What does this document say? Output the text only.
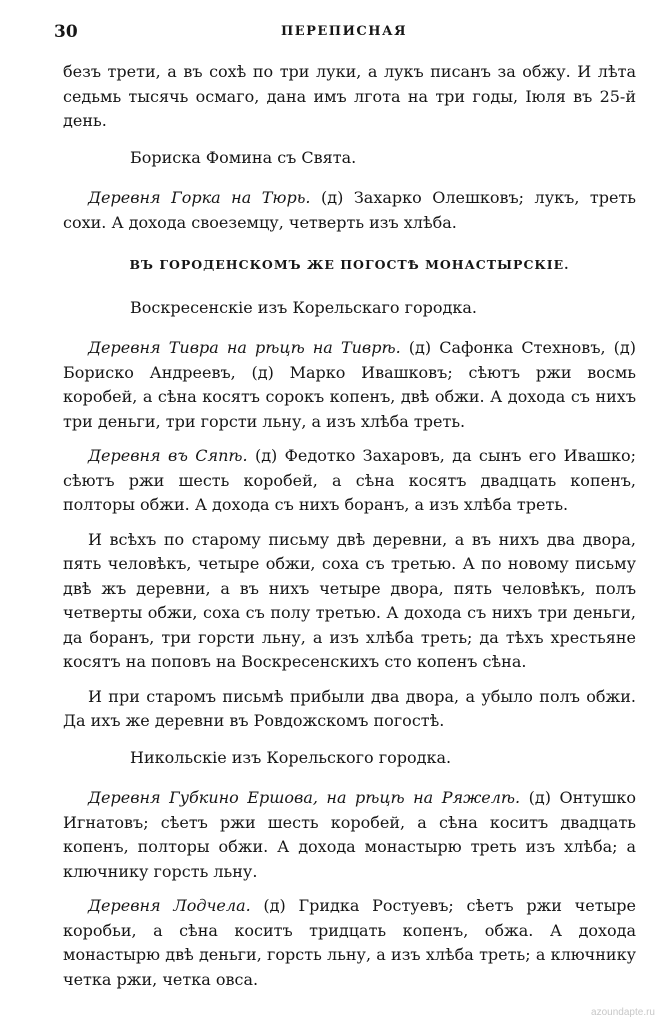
30	ПЕРЕПИСНАЯ

безъ трети, а въ сохѣ по три луки, а лукъ писанъ за обжу. И лѣта седьмь тысячь осмаго, дана имъ лгота на три годы, Іюля въ 25-й день.

Бориска Фомина съ Свята.

Деревня Горка на Тюрь. (д) Захарко Олешковъ; лукъ, треть сохи. А дохода своеземцу, четверть изъ хлѣба.

ВЪ ГОРОДЕНСКОМЪ ЖЕ ПОГОСТѢ МОНАСТЫРСКІЕ.
Воскресенскіе изъ Корельскаго городка.

Деревня Тивра на рѣцѣ на Тиврѣ. (д) Сафонка Стехновъ, (д) Бориско Андреевъ, (д) Марко Ивашковъ; сѣютъ ржи восмь коробей, а сѣна косятъ сорокъ копенъ, двѣ обжи. А дохода съ нихъ три деньги, три горсти льну, а изъ хлѣба треть.

Деревня въ Сяпѣ. (д) Федотко Захаровъ, да сынъ его Ивашко; сѣютъ ржи шесть коробей, а сѣна косятъ двадцать копенъ, полторы обжи. А дохода съ нихъ боранъ, а изъ хлѣба треть.

И всѣхъ по старому письму двѣ деревни, а въ нихъ два двора, пять человѣкъ, четыре обжи, соха съ третью. А по новому письму двѣ жъ деревни, а въ нихъ четыре двора, пять человѣкъ, полъ четверты обжи, соха съ полу третью. А дохода съ нихъ три деньги, да боранъ, три горсти льну, а изъ хлѣба треть; да тѣхъ хрестьяне косятъ на поповъ на Воскресенскихъ сто копенъ сѣна.

И при старомъ письмѣ прибыли два двора, а убыло полъ обжи. Да ихъ же деревни въ Ровдожскомъ погостѣ.

Никольскіе изъ Корельского городка.

Деревня Губкино Ершова, на рѣцѣ на Ряжелѣ. (д) Онтушко Игнатовъ; сѣетъ ржи шесть коробей, а сѣна коситъ двадцать копенъ, полторы обжи. А дохода монастырю треть изъ хлѣба; а ключнику горсть льну.

Деревня Лодчела. (д) Гридка Ростуевъ; сѣетъ ржи четыре коробьи, а сѣна коситъ тридцать копенъ, обжа. А дохода монастырю двѣ деньги, горсть льну, а изъ хлѣба треть; а ключнику четка ржи, четка овса.

azoundapte.ru
